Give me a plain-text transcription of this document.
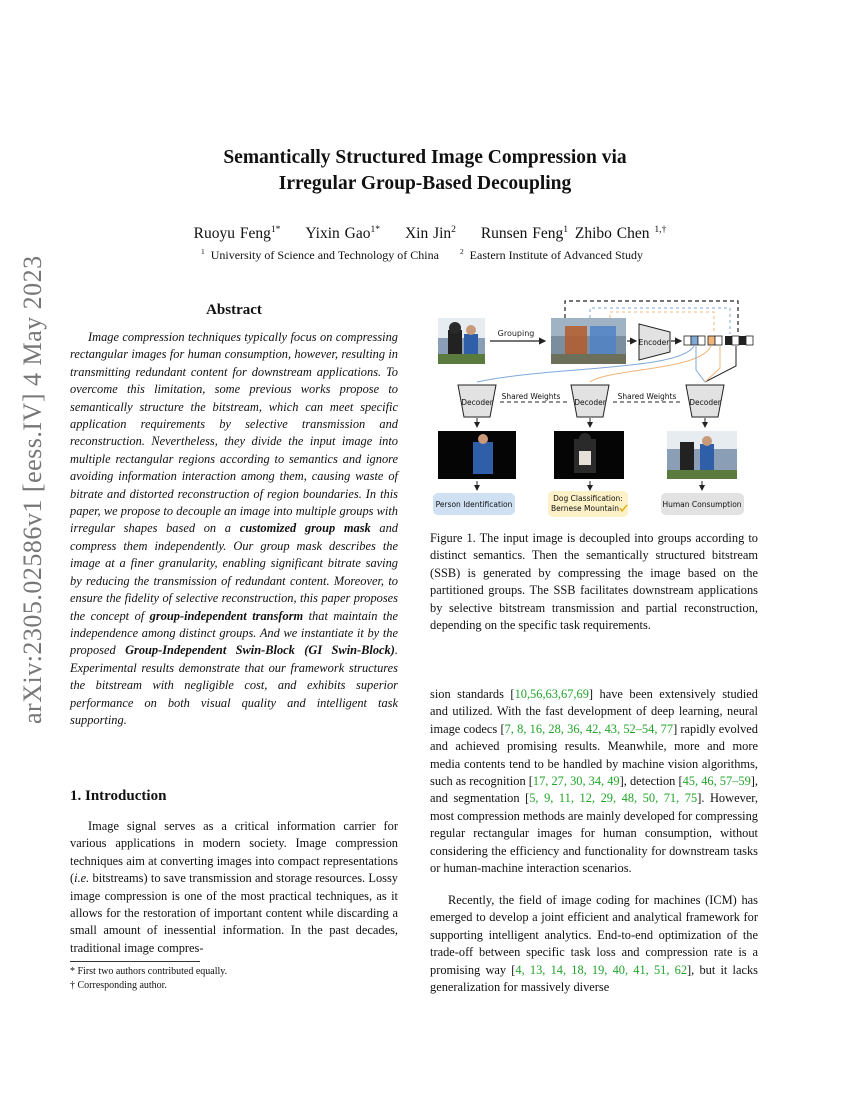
Semantically Structured Image Compression via
Irregular Group-Based Decoupling
Ruoyu Feng$^{1*}$ Yixin Gao$^{1*}$ Xin Jin$^2$ Runsen Feng$^1$ Zhibo Chen $^{1,\dagger}$
$^1$ University of Science and Technology of China	$^2$ Eastern Institute of Advanced Study
arXiv:2305.02586v1 [eess.IV] 4 May 2023	Abstract
Image compression techniques typically focus on compressing rectangular images for human consumption, however, resulting in transmitting redundant content for downstream applications. To overcome this limitation, some previous works propose to semantically structure the bitstream, which can meet specific application requirements by selective transmission and reconstruction. Nevertheless, they divide the input image into multiple rectangular regions according to semantics and ignore avoiding information interaction among them, causing waste of bitrate and distorted reconstruction of region boundaries. In this paper, we propose to decouple an image into multiple groups with irregular shapes based on a customized group mask and compress them independently. Our group mask describes the image at a finer granularity, enabling significant bitrate saving by reducing the transmission of redundant content. Moreover, to ensure the fidelity of selective reconstruction, this paper proposes the concept of group-independent transform that maintain the independence among distinct groups. And we instantiate it by the proposed Group-Independent Swin-Block (GI Swin-Block). Experimental results demonstrate that our framework structures the bitstream with negligible cost, and exhibits superior performance on both visual quality and intelligent task supporting.
1. Introduction
Image signal serves as a critical information carrier for various applications in modern society. Image compression techniques aim at converting images into compact representations (i.e. bitstreams) to save transmission and storage resources. Lossy image compression is one of the most practical techniques, as it allows for the restoration of important content while discarding a small amount of inessential information. In the past decades, traditional image compres-
* First two authors contributed equally.
† Corresponding author.
Grouping
Encoder
Decoder	Decoder	Decoder
Shared Weights	Shared Weights
Person Identification
Dog Classification:
Bernese Mountain	Human Consumption
Figure 1. The input image is decoupled into groups according to distinct semantics. Then the semantically structured bitstream (SSB) is generated by compressing the image based on the partitioned groups. The SSB facilitates downstream applications by selective bitstream transmission and partial reconstruction, depending on the specific task requirements.
sion standards [10,56,63,67,69] have been extensively studied and utilized. With the fast development of deep learning, neural image codecs [7, 8, 16, 28, 36, 42, 43, 52–54, 77] rapidly evolved and achieved promising results. Meanwhile, more and more media contents tend to be handled by machine vision algorithms, such as recognition [17, 27, 30, 34, 49], detection [45, 46, 57–59], and segmentation [5, 9, 11, 12, 29, 48, 50, 71, 75]. However, most compression methods are mainly developed for compressing regular rectangular images for human consumption, without considering the efficiency and functionality for downstream tasks or human-machine interaction scenarios.
Recently, the field of image coding for machines (ICM) has emerged to develop a joint efficient and analytical framework for supporting intelligent analytics. End-to-end optimization of the trade-off between specific task loss and compression rate is a promising way [4, 13, 14, 18, 19, 40, 41, 51, 62], but it lacks generalization for massively diverse
